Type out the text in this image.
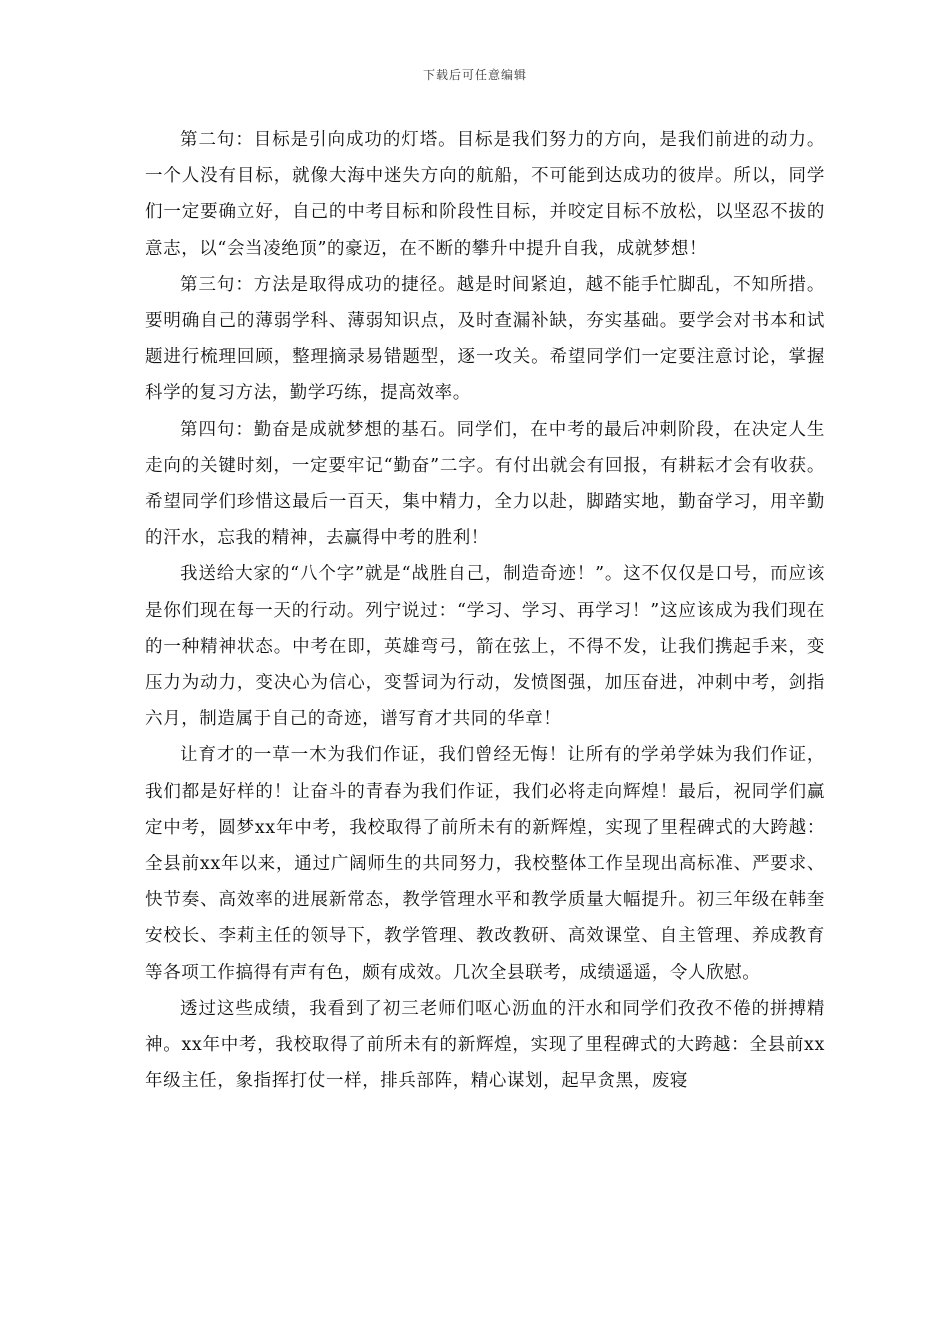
下载后可任意编辑

第二句：目标是引向成功的灯塔。目标是我们努力的方向，是我们前进的动力。一个人没有目标，就像大海中迷失方向的航船，不可能到达成功的彼岸。所以，同学们一定要确立好，自己的中考目标和阶段性目标，并咬定目标不放松，以坚忍不拔的意志，以“会当凌绝顶”的豪迈，在不断的攀升中提升自我，成就梦想！

第三句：方法是取得成功的捷径。越是时间紧迫，越不能手忙脚乱，不知所措。要明确自己的薄弱学科、薄弱知识点，及时查漏补缺，夯实基础。要学会对书本和试题进行梳理回顾，整理摘录易错题型，逐一攻关。希望同学们一定要注意讨论，掌握科学的复习方法，勤学巧练，提高效率。

第四句：勤奋是成就梦想的基石。同学们，在中考的最后冲刺阶段，在决定人生走向的关键时刻，一定要牢记“勤奋”二字。有付出就会有回报，有耕耘才会有收获。希望同学们珍惜这最后一百天，集中精力，全力以赴，脚踏实地，勤奋学习，用辛勤的汗水，忘我的精神，去赢得中考的胜利！

我送给大家的“八个字”就是“战胜自己，制造奇迹！”。这不仅仅是口号，而应该是你们现在每一天的行动。列宁说过：“学习、学习、再学习！”这应该成为我们现在的一种精神状态。中考在即，英雄弯弓，箭在弦上，不得不发，让我们携起手来，变压力为动力，变决心为信心，变誓词为行动，发愤图强，加压奋进，冲刺中考，剑指六月，制造属于自己的奇迹，谱写育才共同的华章！

让育才的一草一木为我们作证，我们曾经无悔！让所有的学弟学妹为我们作证，我们都是好样的！让奋斗的青春为我们作证，我们必将走向辉煌！最后，祝同学们赢定中考，圆梦xx年中考，我校取得了前所未有的新辉煌，实现了里程碑式的大跨越：全县前xx年以来，通过广阔师生的共同努力，我校整体工作呈现出高标准、严要求、快节奏、高效率的进展新常态，教学管理水平和教学质量大幅提升。初三年级在韩奎安校长、李莉主任的领导下，教学管理、教改教研、高效课堂、自主管理、养成教育等各项工作搞得有声有色，颇有成效。几次全县联考，成绩遥遥，令人欣慰。

透过这些成绩，我看到了初三老师们呕心沥血的汗水和同学们孜孜不倦的拼搏精神。xx年中考，我校取得了前所未有的新辉煌，实现了里程碑式的大跨越：全县前xx年级主任，象指挥打仗一样，排兵部阵，精心谋划，起早贪黑，废寝
